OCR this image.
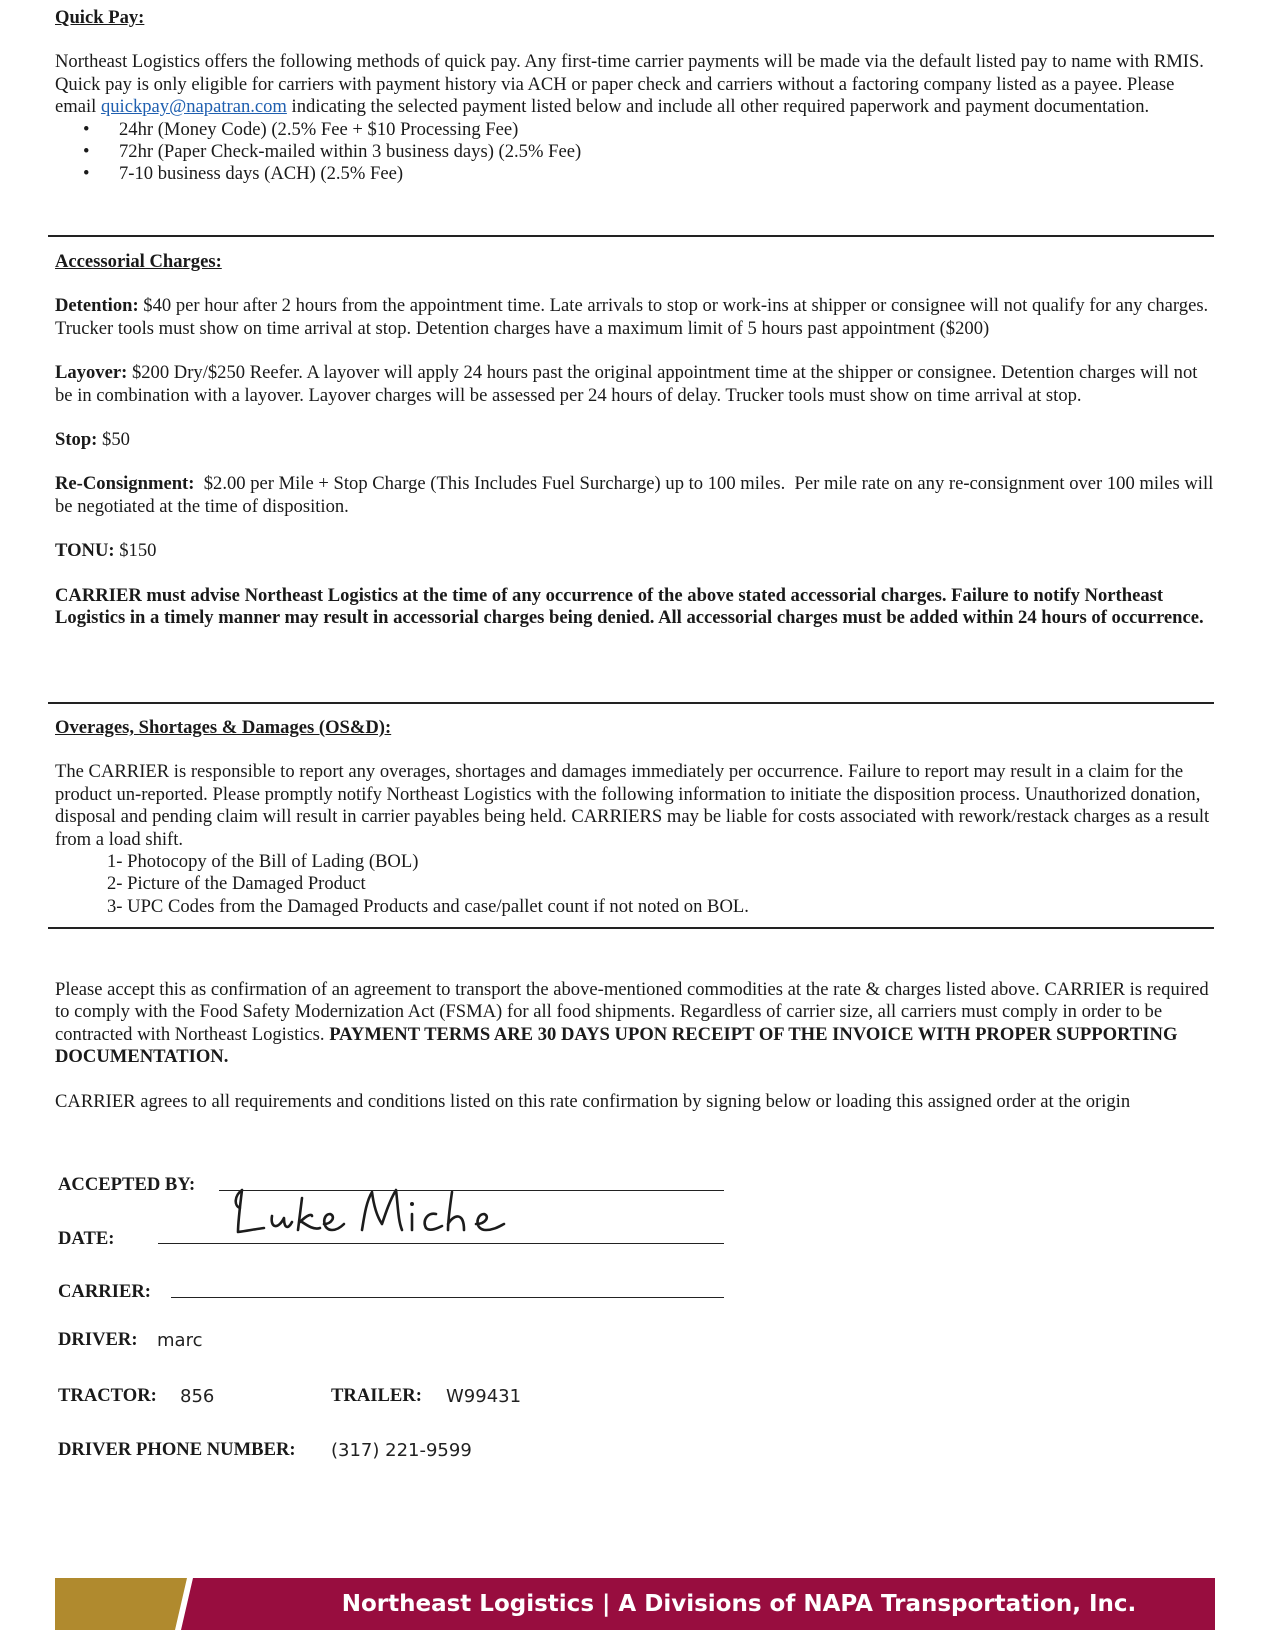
Quick Pay:
Northeast Logistics offers the following methods of quick pay. Any first-time carrier payments will be made via the default listed pay to name with RMIS. Quick pay is only eligible for carriers with payment history via ACH or paper check and carriers without a factoring company listed as a payee. Please email quickpay@napatran.com indicating the selected payment listed below and include all other required paperwork and payment documentation.
• 24hr (Money Code) (2.5% Fee + $10 Processing Fee)
• 72hr (Paper Check-mailed within 3 business days) (2.5% Fee)
• 7-10 business days (ACH) (2.5% Fee)
Accessorial Charges:
Detention: $40 per hour after 2 hours from the appointment time. Late arrivals to stop or work-ins at shipper or consignee will not qualify for any charges. Trucker tools must show on time arrival at stop. Detention charges have a maximum limit of 5 hours past appointment ($200)
Layover: $200 Dry/$250 Reefer. A layover will apply 24 hours past the original appointment time at the shipper or consignee. Detention charges will not be in combination with a layover. Layover charges will be assessed per 24 hours of delay. Trucker tools must show on time arrival at stop.
Stop: $50
Re-Consignment:  $2.00 per Mile + Stop Charge (This Includes Fuel Surcharge) up to 100 miles.  Per mile rate on any re-consignment over 100 miles will be negotiated at the time of disposition.
TONU: $150
CARRIER must advise Northeast Logistics at the time of any occurrence of the above stated accessorial charges. Failure to notify Northeast Logistics in a timely manner may result in accessorial charges being denied. All accessorial charges must be added within 24 hours of occurrence.
Overages, Shortages & Damages (OS&D):
The CARRIER is responsible to report any overages, shortages and damages immediately per occurrence. Failure to report may result in a claim for the product un-reported. Please promptly notify Northeast Logistics with the following information to initiate the disposition process. Unauthorized donation, disposal and pending claim will result in carrier payables being held. CARRIERS may be liable for costs associated with rework/restack charges as a result from a load shift.
1- Photocopy of the Bill of Lading (BOL)
2- Picture of the Damaged Product
3- UPC Codes from the Damaged Products and case/pallet count if not noted on BOL.
Please accept this as confirmation of an agreement to transport the above-mentioned commodities at the rate & charges listed above. CARRIER is required to comply with the Food Safety Modernization Act (FSMA) for all food shipments. Regardless of carrier size, all carriers must comply in order to be contracted with Northeast Logistics. PAYMENT TERMS ARE 30 DAYS UPON RECEIPT OF THE INVOICE WITH PROPER SUPPORTING DOCUMENTATION.
CARRIER agrees to all requirements and conditions listed on this rate confirmation by signing below or loading this assigned order at the origin
ACCEPTED BY:
DATE:
CARRIER:
DRIVER: marc
TRACTOR: 856	TRAILER: W99431
DRIVER PHONE NUMBER: (317) 221-9599
Northeast Logistics | A Divisions of NAPA Transportation, Inc.
